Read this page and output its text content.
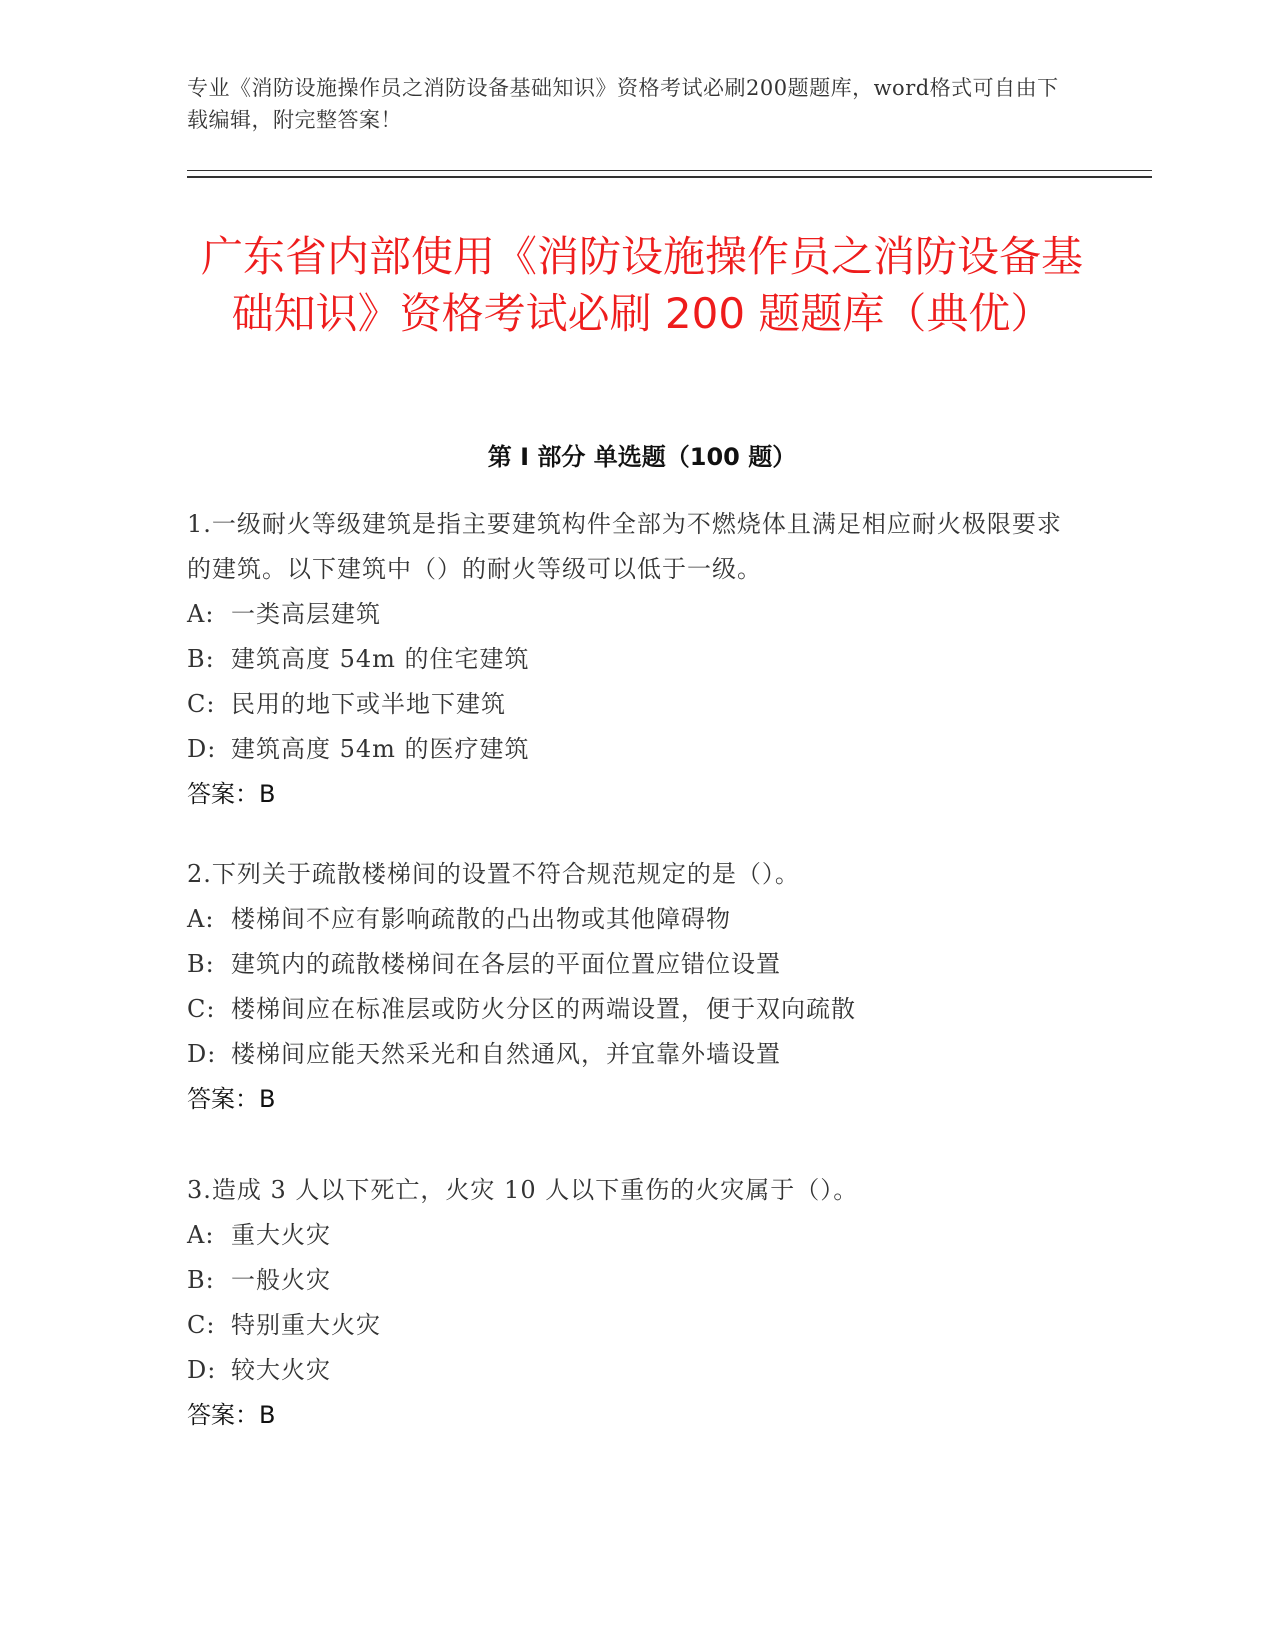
专业《消防设施操作员之消防设备基础知识》资格考试必刷200题题库，word格式可自由下载编辑，附完整答案！
广东省内部使用《消防设施操作员之消防设备基础知识》资格考试必刷 200 题题库（典优）
第 I 部分 单选题（100 题）

1.一级耐火等级建筑是指主要建筑构件全部为不燃烧体且满足相应耐火极限要求的建筑。以下建筑中（）的耐火等级可以低于一级。

A: 一类高层建筑

B: 建筑高度 54m 的住宅建筑

C: 民用的地下或半地下建筑

D: 建筑高度 54m 的医疗建筑

答案：B

2.下列关于疏散楼梯间的设置不符合规范规定的是（）。

A: 楼梯间不应有影响疏散的凸出物或其他障碍物

B: 建筑内的疏散楼梯间在各层的平面位置应错位设置

C: 楼梯间应在标准层或防火分区的两端设置，便于双向疏散

D: 楼梯间应能天然采光和自然通风，并宜靠外墙设置

答案：B

3.造成 3 人以下死亡，火灾 10 人以下重伤的火灾属于（）。

A: 重大火灾

B: 一般火灾

C: 特别重大火灾

D: 较大火灾

答案：B
